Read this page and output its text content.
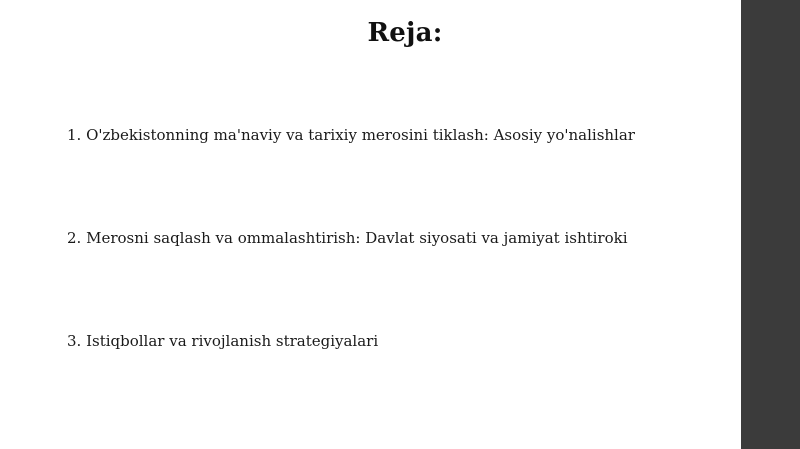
Reja:
1. O'zbekistonning ma'naviy va tarixiy merosini tiklash: Asosiy yo'nalishlar
2. Merosni saqlash va ommalashtirish: Davlat siyosati va jamiyat ishtiroki
3. Istiqbollar va rivojlanish strategiyalari
